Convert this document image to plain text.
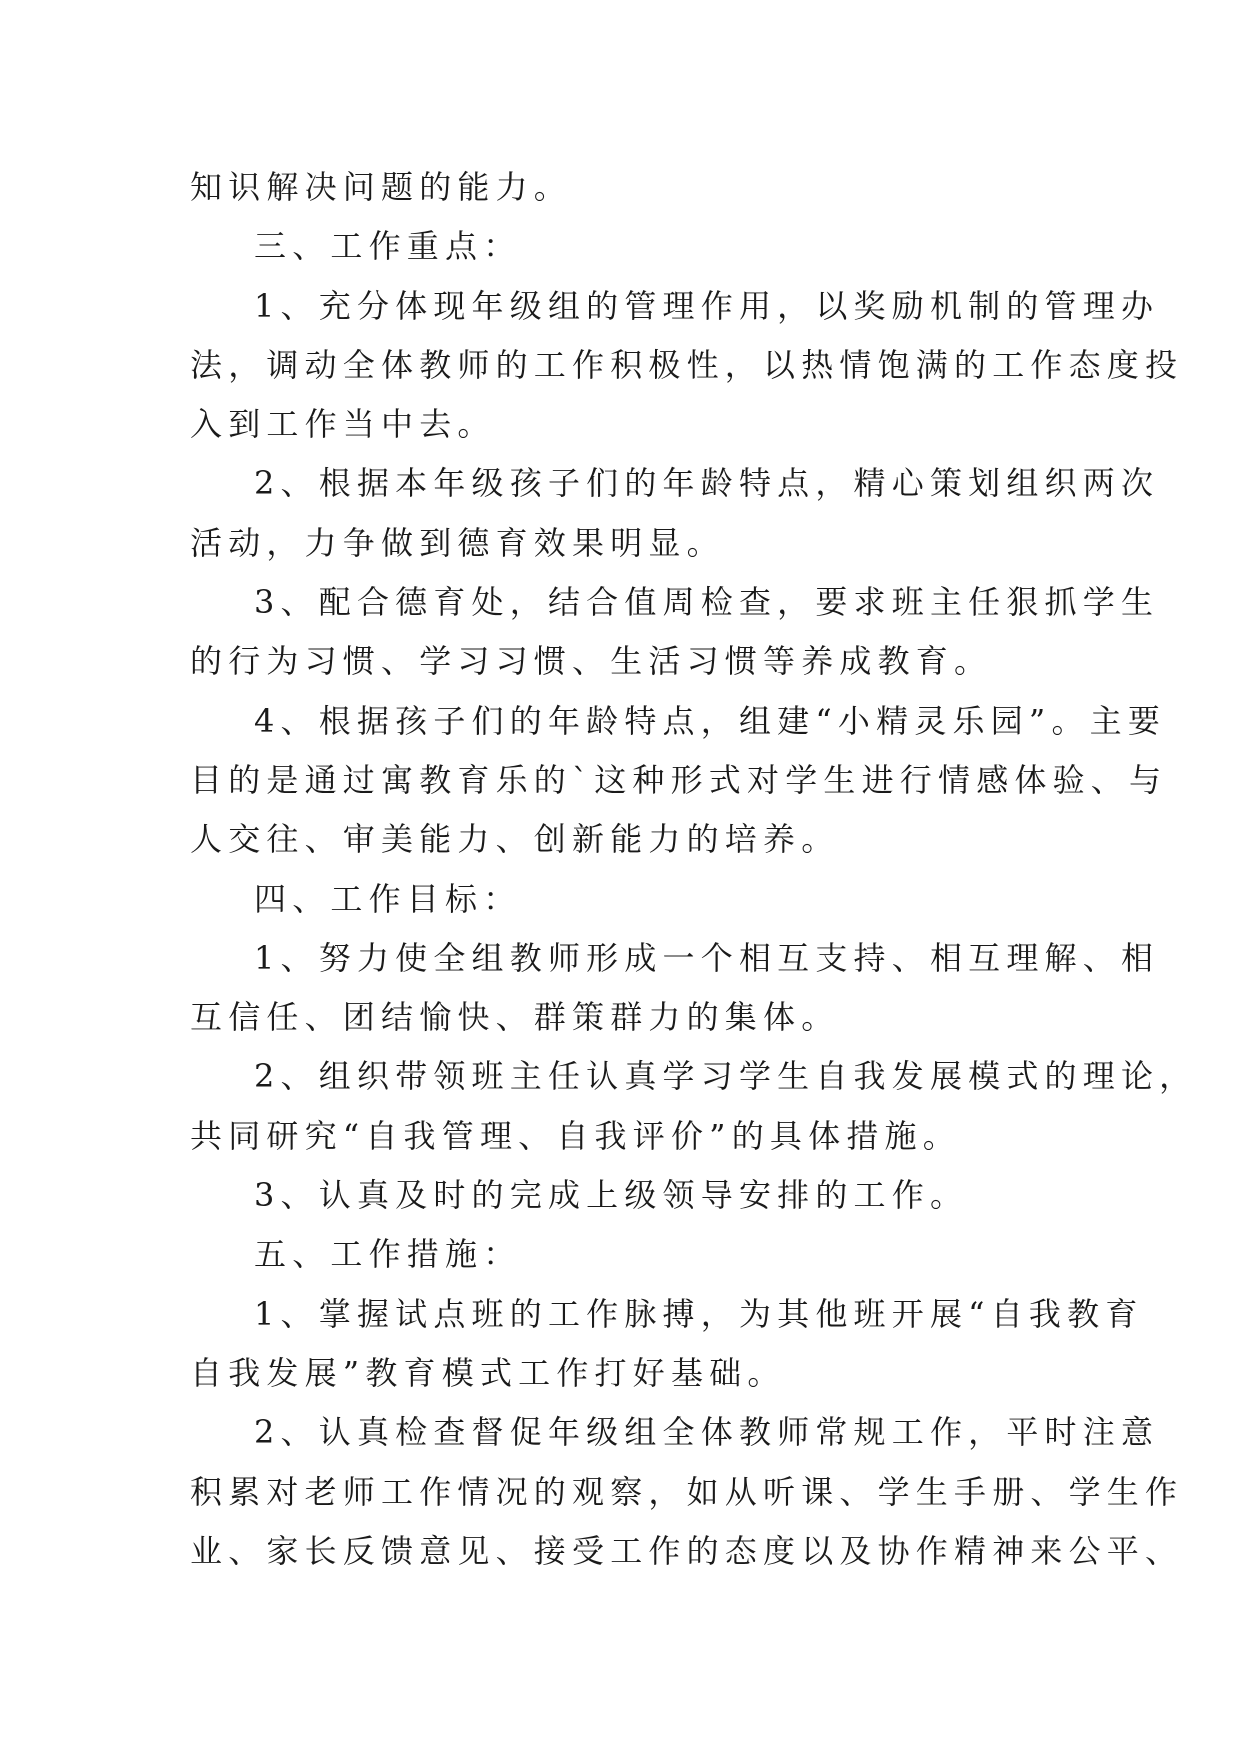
知识解决问题的能力。
三、工作重点：
1、充分体现年级组的管理作用，以奖励机制的管理办
法，调动全体教师的工作积极性，以热情饱满的工作态度投
入到工作当中去。
2、根据本年级孩子们的年龄特点，精心策划组织两次
活动，力争做到德育效果明显。
3、配合德育处，结合值周检查，要求班主任狠抓学生
的行为习惯、学习习惯、生活习惯等养成教育。
4、根据孩子们的年龄特点，组建“小精灵乐园”。主要
目的是通过寓教育乐的`这种形式对学生进行情感体验、与
人交往、审美能力、创新能力的培养。
四、工作目标：
1、努力使全组教师形成一个相互支持、相互理解、相
互信任、团结愉快、群策群力的集体。
2、组织带领班主任认真学习学生自我发展模式的理论，
共同研究“自我管理、自我评价”的具体措施。
3、认真及时的完成上级领导安排的工作。
五、工作措施：
1、掌握试点班的工作脉搏，为其他班开展“自我教育
自我发展”教育模式工作打好基础。
2、认真检查督促年级组全体教师常规工作，平时注意
积累对老师工作情况的观察，如从听课、学生手册、学生作
业、家长反馈意见、接受工作的态度以及协作精神来公平、
